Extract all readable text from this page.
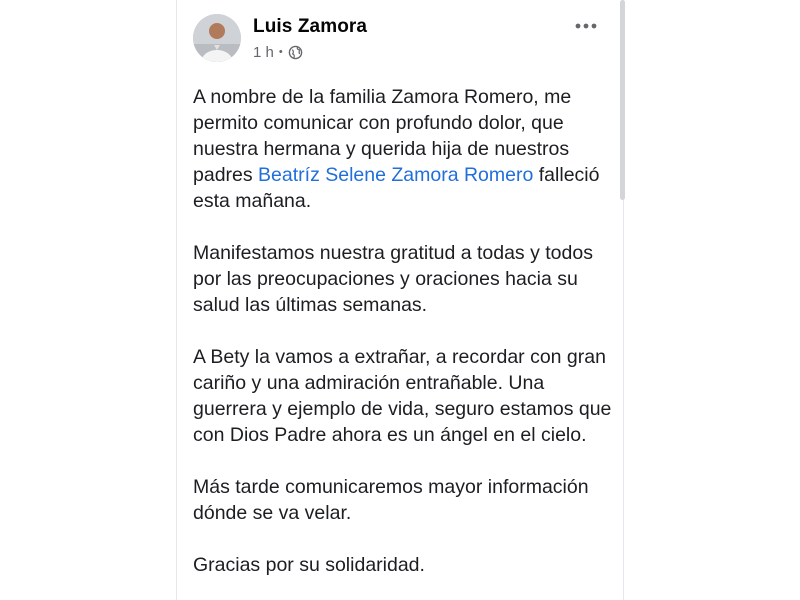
Luis Zamora
1 h •

A nombre de la familia Zamora Romero, me permito comunicar con profundo dolor, que nuestra hermana y querida hija de nuestros padres Beatríz Selene Zamora Romero falleció esta mañana.

Manifestamos nuestra gratitud a todas y todos por las preocupaciones y oraciones hacia su salud las últimas semanas.

A Bety la vamos a extrañar, a recordar con gran cariño y una admiración entrañable. Una guerrera y ejemplo de vida, seguro estamos que con Dios Padre ahora es un ángel en el cielo.

Más tarde comunicaremos mayor información dónde se va velar.

Gracias por su solidaridad.
